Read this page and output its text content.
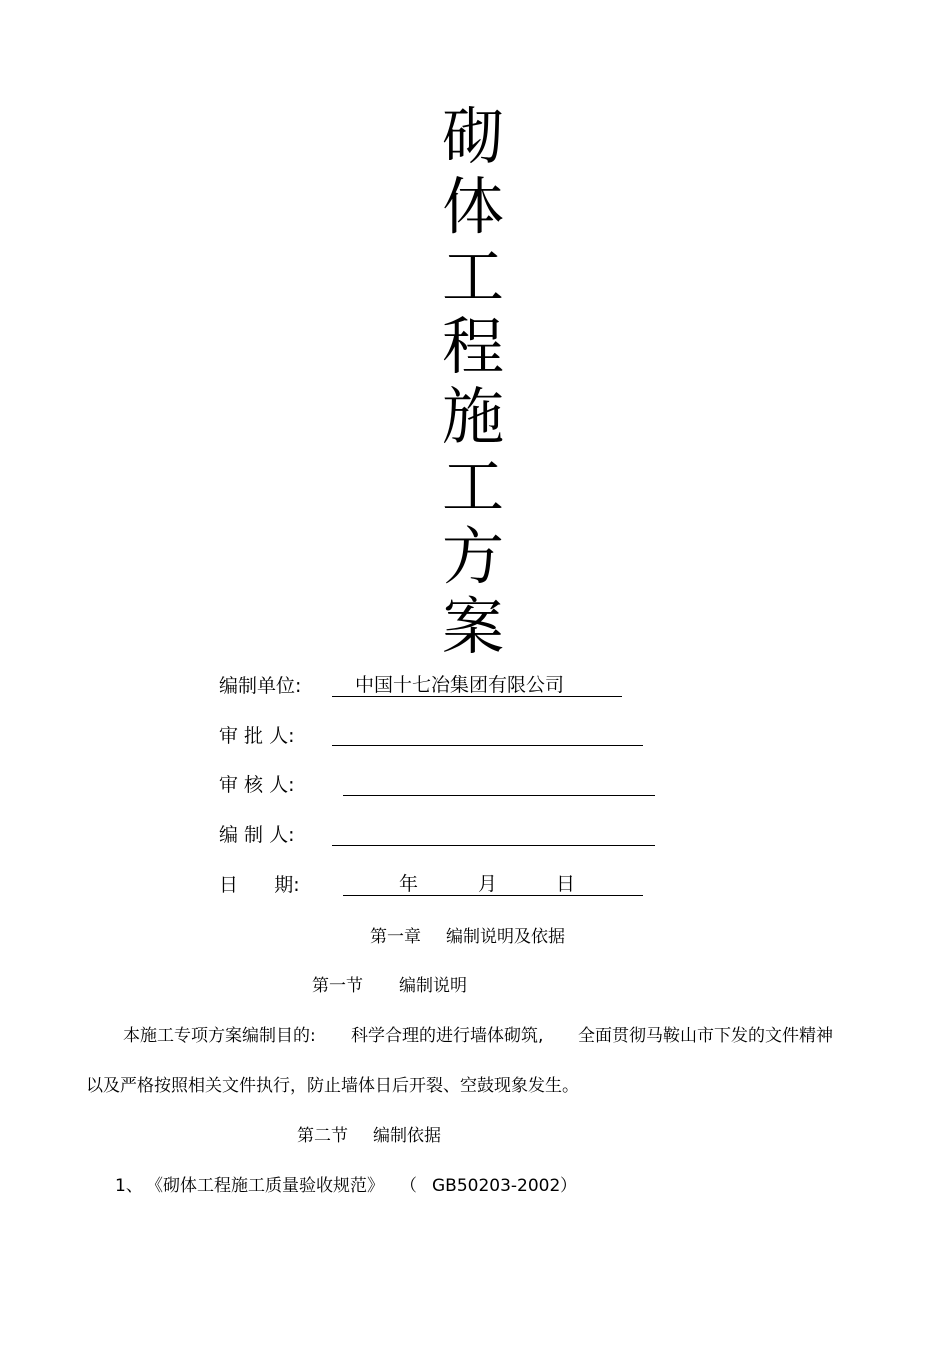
砌
体
工
程
施
工
方
案
编制单位:	中国十七冶集团有限公司
审 批 人:
审 核 人:
编 制 人:
日      期:	年	月	日
第一章 编制说明及依据
第一节 编制说明
本施工专项方案编制目的: 科学合理的进行墙体砌筑, 全面贯彻马鞍山市下发的文件精神
以及严格按照相关文件执行，防止墙体日后开裂、空鼓现象发生。
第二节 编制依据
1、 《砌体工程施工质量验收规范》 （ GB50203-2002 ）
